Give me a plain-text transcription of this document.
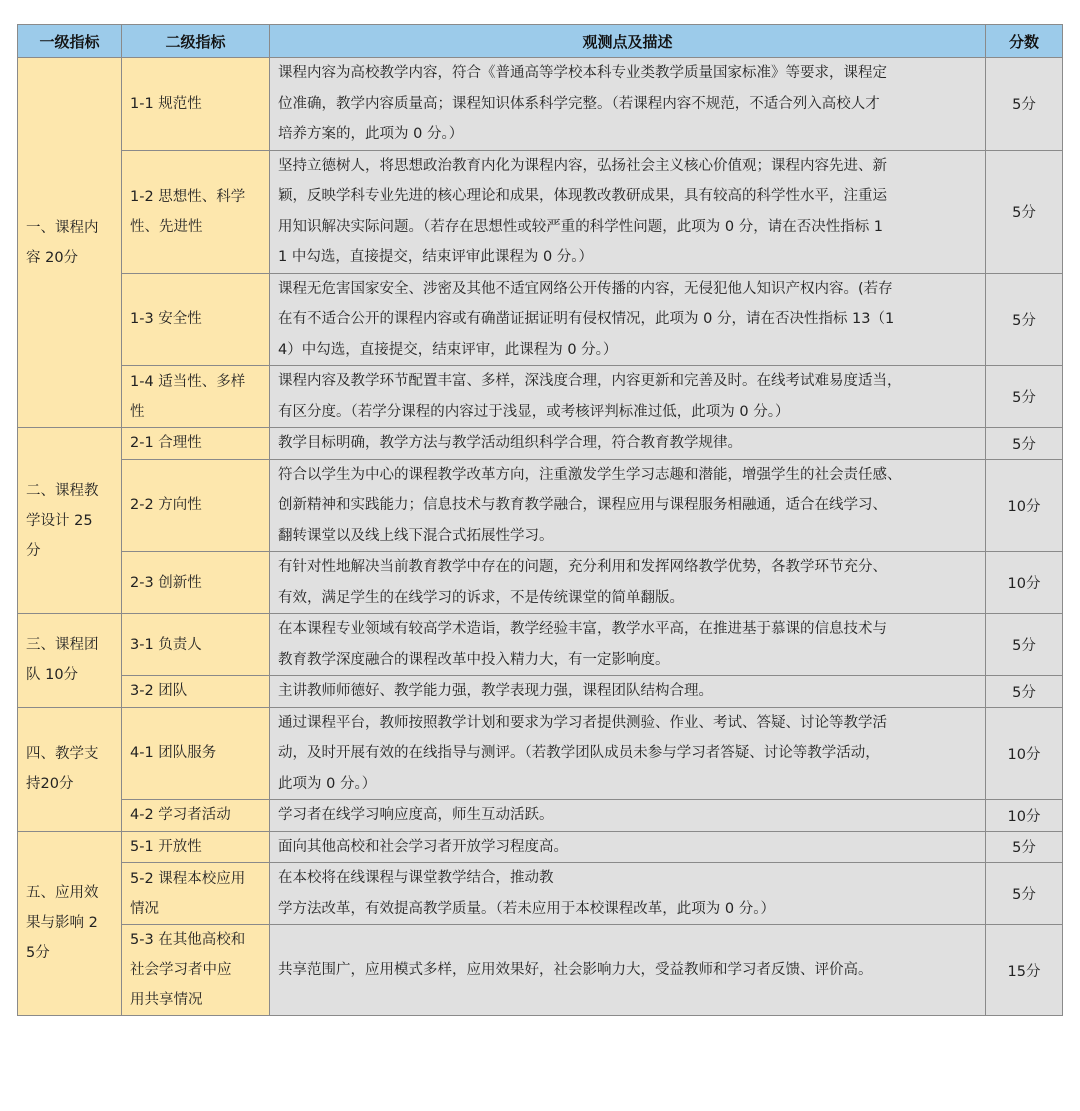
一级指标	二级指标	观测点及描述	分数

一、课程内
容 20分	1-1 规范性	课程内容为高校教学内容，符合《普通高等学校本科专业类教学质量国家标准》等要求，课程定
位准确，教学内容质量高；课程知识体系科学完整。（若课程内容不规范，不适合列入高校人才
培养方案的，此项为 0 分。）	5分

	1-2 思想性、科学
性、先进性	坚持立德树人，将思想政治教育内化为课程内容，弘扬社会主义核心价值观；课程内容先进、新
颖，反映学科专业先进的核心理论和成果，体现教改教研成果，具有较高的科学性水平，注重运
用知识解决实际问题。（若存在思想性或较严重的科学性问题，此项为 0 分，请在否决性指标 1
1 中勾选，直接提交，结束评审此课程为 0 分。）	5分

	1-3 安全性	课程无危害国家安全、涉密及其他不适宜网络公开传播的内容，无侵犯他人知识产权内容。(若存
在有不适合公开的课程内容或有确凿证据证明有侵权情况，此项为 0 分，请在否决性指标 13（1
4）中勾选，直接提交，结束评审，此课程为 0 分。）	5分

	1-4 适当性、多样
性	课程内容及教学环节配置丰富、多样，深浅度合理，内容更新和完善及时。在线考试难易度适当，
有区分度。（若学分课程的内容过于浅显，或考核评判标准过低，此项为 0 分。）	5分

二、课程教
学设计 25
分	2-1 合理性	教学目标明确，教学方法与教学活动组织科学合理，符合教育教学规律。	5分

	2-2 方向性	符合以学生为中心的课程教学改革方向，注重激发学生学习志趣和潜能，增强学生的社会责任感、
创新精神和实践能力；信息技术与教育教学融合，课程应用与课程服务相融通，适合在线学习、
翻转课堂以及线上线下混合式拓展性学习。	10分

	2-3 创新性	有针对性地解决当前教育教学中存在的问题，充分利用和发挥网络教学优势，各教学环节充分、
有效，满足学生的在线学习的诉求，不是传统课堂的简单翻版。	10分

三、课程团
队 10分	3-1 负责人	在本课程专业领域有较高学术造诣，教学经验丰富，教学水平高，在推进基于慕课的信息技术与
教育教学深度融合的课程改革中投入精力大，有一定影响度。	5分

	3-2 团队	主讲教师师德好、教学能力强，教学表现力强，课程团队结构合理。	5分

四、教学支
持20分	4-1 团队服务	通过课程平台，教师按照教学计划和要求为学习者提供测验、作业、考试、答疑、讨论等教学活
动，及时开展有效的在线指导与测评。（若教学团队成员未参与学习者答疑、讨论等教学活动，
此项为 0 分。）	10分

	4-2 学习者活动	学习者在线学习响应度高，师生互动活跃。	10分

五、应用效
果与影响 2
5分	5-1 开放性	面向其他高校和社会学习者开放学习程度高。	5分

	5-2 课程本校应用
情况	在本校将在线课程与课堂教学结合，推动教
学方法改革，有效提高教学质量。（若未应用于本校课程改革，此项为 0 分。）	5分

	5-3 在其他高校和
社会学习者中应
用共享情况	共享范围广，应用模式多样，应用效果好，社会影响力大，受益教师和学习者反馈、评价高。	15分
